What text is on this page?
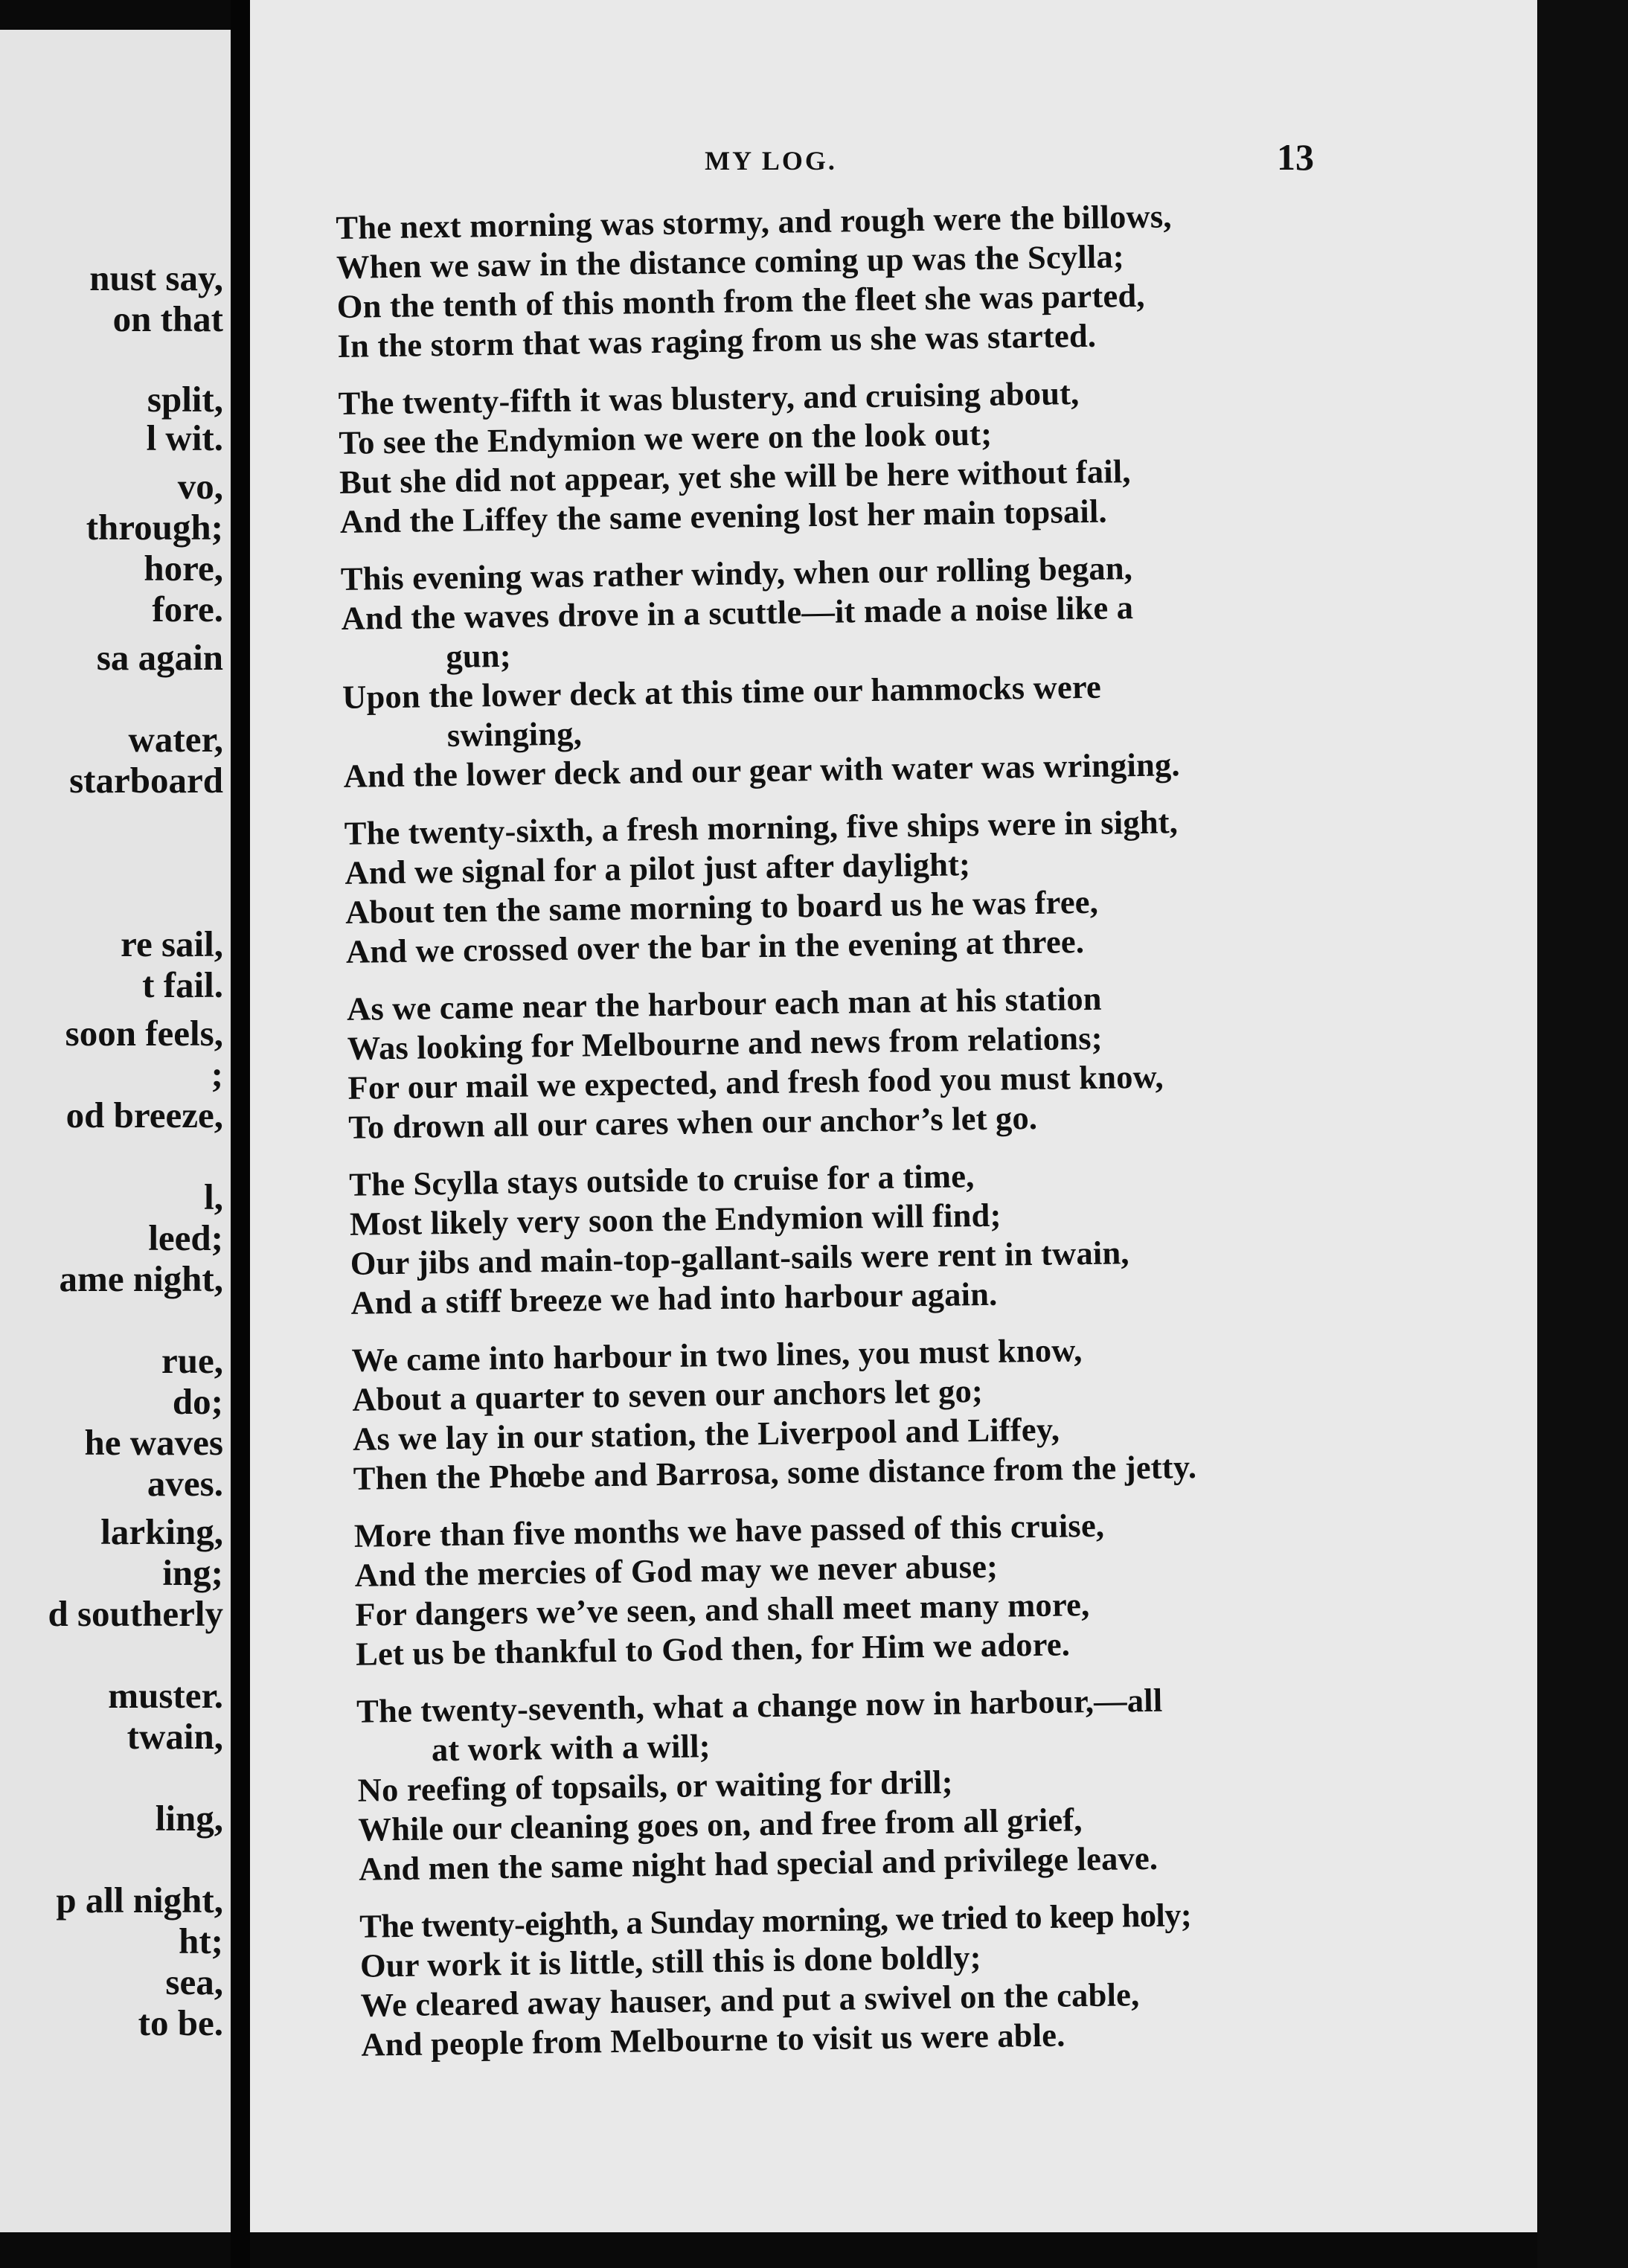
nust say,
on that
split,
l wit.
vo,
through;
hore,
fore.
sa again
water,
starboard
re sail,
t fail.
soon feels,
;
od breeze,
l,
leed;
ame night,
rue,
do;
he waves
aves.
larking,
ing;
d southerly
muster.
twain,
ling,
p all night,
ht;
sea,
to be.
MY LOG.	13
The next morning was stormy, and rough were the billows,
When we saw in the distance coming up was the Scylla;
On the tenth of this month from the fleet she was parted,
In the storm that was raging from us she was started.
The twenty-fifth it was blustery, and cruising about,
To see the Endymion we were on the look out;
But she did not appear, yet she will be here without fail,
And the Liffey the same evening lost her main topsail.
This evening was rather windy, when our rolling began,
And the waves drove in a scuttle—it made a noise like a
gun;
Upon the lower deck at this time our hammocks were
swinging,
And the lower deck and our gear with water was wringing.
The twenty-sixth, a fresh morning, five ships were in sight,
And we signal for a pilot just after daylight;
About ten the same morning to board us he was free,
And we crossed over the bar in the evening at three.
As we came near the harbour each man at his station
Was looking for Melbourne and news from relations;
For our mail we expected, and fresh food you must know,
To drown all our cares when our anchor’s let go.
The Scylla stays outside to cruise for a time,
Most likely very soon the Endymion will find;
Our jibs and main-top-gallant-sails were rent in twain,
And a stiff breeze we had into harbour again.
We came into harbour in two lines, you must know,
About a quarter to seven our anchors let go;
As we lay in our station, the Liverpool and Liffey,
Then the Phœbe and Barrosa, some distance from the jetty.
More than five months we have passed of this cruise,
And the mercies of God may we never abuse;
For dangers we’ve seen, and shall meet many more,
Let us be thankful to God then, for Him we adore.
The twenty-seventh, what a change now in harbour,—all
at work with a will;
No reefing of topsails, or waiting for drill;
While our cleaning goes on, and free from all grief,
And men the same night had special and privilege leave.
The twenty-eighth, a Sunday morning, we tried to keep holy;
Our work it is little, still this is done boldly;
We cleared away hauser, and put a swivel on the cable,
And people from Melbourne to visit us were able.
